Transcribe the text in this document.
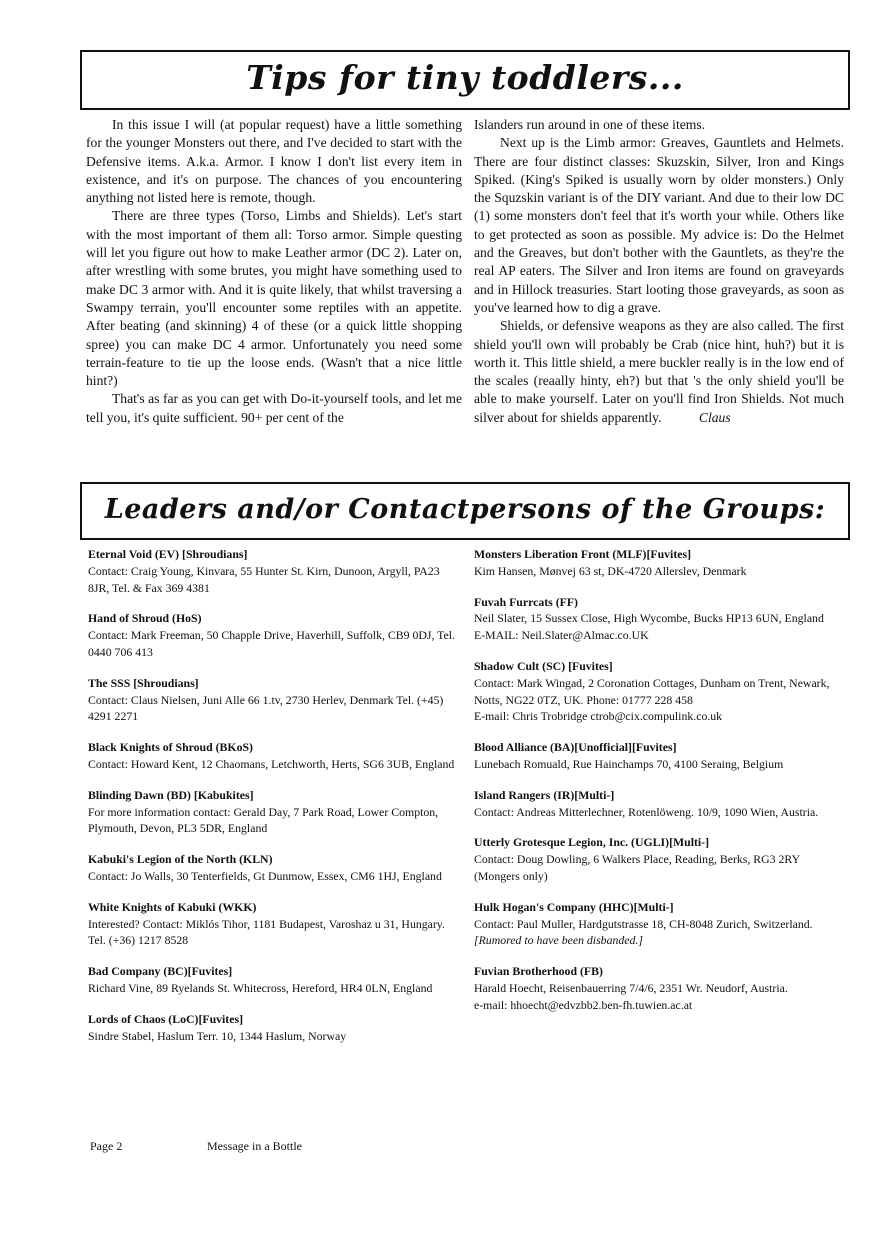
Tips for tiny toddlers...

In this issue I will (at popular request) have a little something for the younger Monsters out there, and I've decided to start with the Defensive items. A.k.a. Armor. I know I don't list every item in existence, and it's on purpose. The chances of you encountering anything not listed here is remote, though.

There are three types (Torso, Limbs and Shields). Let's start with the most important of them all: Torso armor. Simple questing will let you figure out how to make Leather armor (DC 2). Later on, after wrestling with some brutes, you might have something used to make DC 3 armor with. And it is quite likely, that whilst traversing a Swampy terrain, you'll encounter some reptiles with an appetite. After beating (and skinning) 4 of these (or a quick little shopping spree) you can make DC 4 armor. Unfortunately you need some terrain-feature to tie up the loose ends. (Wasn't that a nice little hint?)

That's as far as you can get with Do-it-yourself tools, and let me tell you, it's quite sufficient. 90+ per cent of the

Islanders run around in one of these items.

Next up is the Limb armor: Greaves, Gauntlets and Helmets. There are four distinct classes: Skuzskin, Silver, Iron and Kings Spiked. (King's Spiked is usually worn by older monsters.) Only the Squzskin variant is of the DIY variant. And due to their low DC (1) some monsters don't feel that it's worth your while. Others like to get protected as soon as possible. My advice is: Do the Helmet and the Greaves, but don't bother with the Gauntlets, as they're the real AP eaters. The Silver and Iron items are found on graveyards and in Hillock treasuries. Start looting those graveyards, as soon as you've learned how to dig a grave.

Shields, or defensive weapons as they are also called. The first shield you'll own will probably be Crab (nice hint, huh?) but it is worth it. This little shield, a mere buckler really is in the low end of the scales (reaally hinty, eh?) but that 's the only shield you'll be able to make yourself. Later on you'll find Iron Shields. Not much silver about for shields apparently.	Claus

Leaders and/or Contactpersons of the Groups:
Eternal Void (EV) [Shroudians]
Contact: Craig Young, Kinvara, 55 Hunter St. Kirn, Dunoon, Argyll, PA23 8JR, Tel. & Fax 369 4381
Hand of Shroud (HoS)
Contact: Mark Freeman, 50 Chapple Drive, Haverhill, Suffolk, CB9 0DJ, Tel. 0440 706 413
The SSS [Shroudians]
Contact: Claus Nielsen, Juni Alle 66 1.tv, 2730 Herlev, Denmark Tel. (+45) 4291 2271
Black Knights of Shroud (BKoS)
Contact: Howard Kent, 12 Chaomans, Letchworth, Herts, SG6 3UB, England
Blinding Dawn (BD) [Kabukites]
For more information contact: Gerald Day, 7 Park Road, Lower Compton, Plymouth, Devon, PL3 5DR, England
Kabuki's Legion of the North (KLN)
Contact: Jo Walls, 30 Tenterfields, Gt Dunmow, Essex, CM6 1HJ, England
White Knights of Kabuki (WKK)
Interested? Contact: Miklós Tihor, 1181 Budapest, Varoshaz u 31, Hungary. Tel. (+36) 1217 8528
Bad Company (BC)[Fuvites]
Richard Vine, 89 Ryelands St. Whitecross, Hereford, HR4 0LN, England
Lords of Chaos (LoC)[Fuvites]
Sindre Stabel, Haslum Terr. 10, 1344 Haslum, Norway
Monsters Liberation Front (MLF)[Fuvites]
Kim Hansen, Mønvej 63 st, DK-4720 Allerslev, Denmark
Fuvah Furrcats (FF)
Neil Slater, 15 Sussex Close, High Wycombe, Bucks HP13 6UN, England
E-MAIL: Neil.Slater@Almac.co.UK
Shadow Cult (SC) [Fuvites]
Contact: Mark Wingad, 2 Coronation Cottages, Dunham on Trent, Newark, Notts, NG22 0TZ, UK. Phone: 01777 228 458
E-mail: Chris Trobridge ctrob@cix.compulink.co.uk
Blood Alliance (BA)[Unofficial][Fuvites]
Lunebach Romuald, Rue Hainchamps 70, 4100 Seraing, Belgium
Island Rangers (IR)[Multi-]
Contact: Andreas Mitterlechner, Rotenlöweng. 10/9, 1090 Wien, Austria.
Utterly Grotesque Legion, Inc. (UGLI)[Multi-]
Contact: Doug Dowling, 6 Walkers Place, Reading, Berks, RG3 2RY
(Mongers only)
Hulk Hogan's Company (HHC)[Multi-]
Contact: Paul Muller, Hardgutstrasse 18, CH-8048 Zurich, Switzerland.
[Rumored to have been disbanded.]
Fuvian Brotherhood (FB)
Harald Hoecht, Reisenbauerring 7/4/6, 2351 Wr. Neudorf, Austria.
e-mail: hhoecht@edvzbb2.ben-fh.tuwien.ac.at
Page 2	Message in a Bottle
